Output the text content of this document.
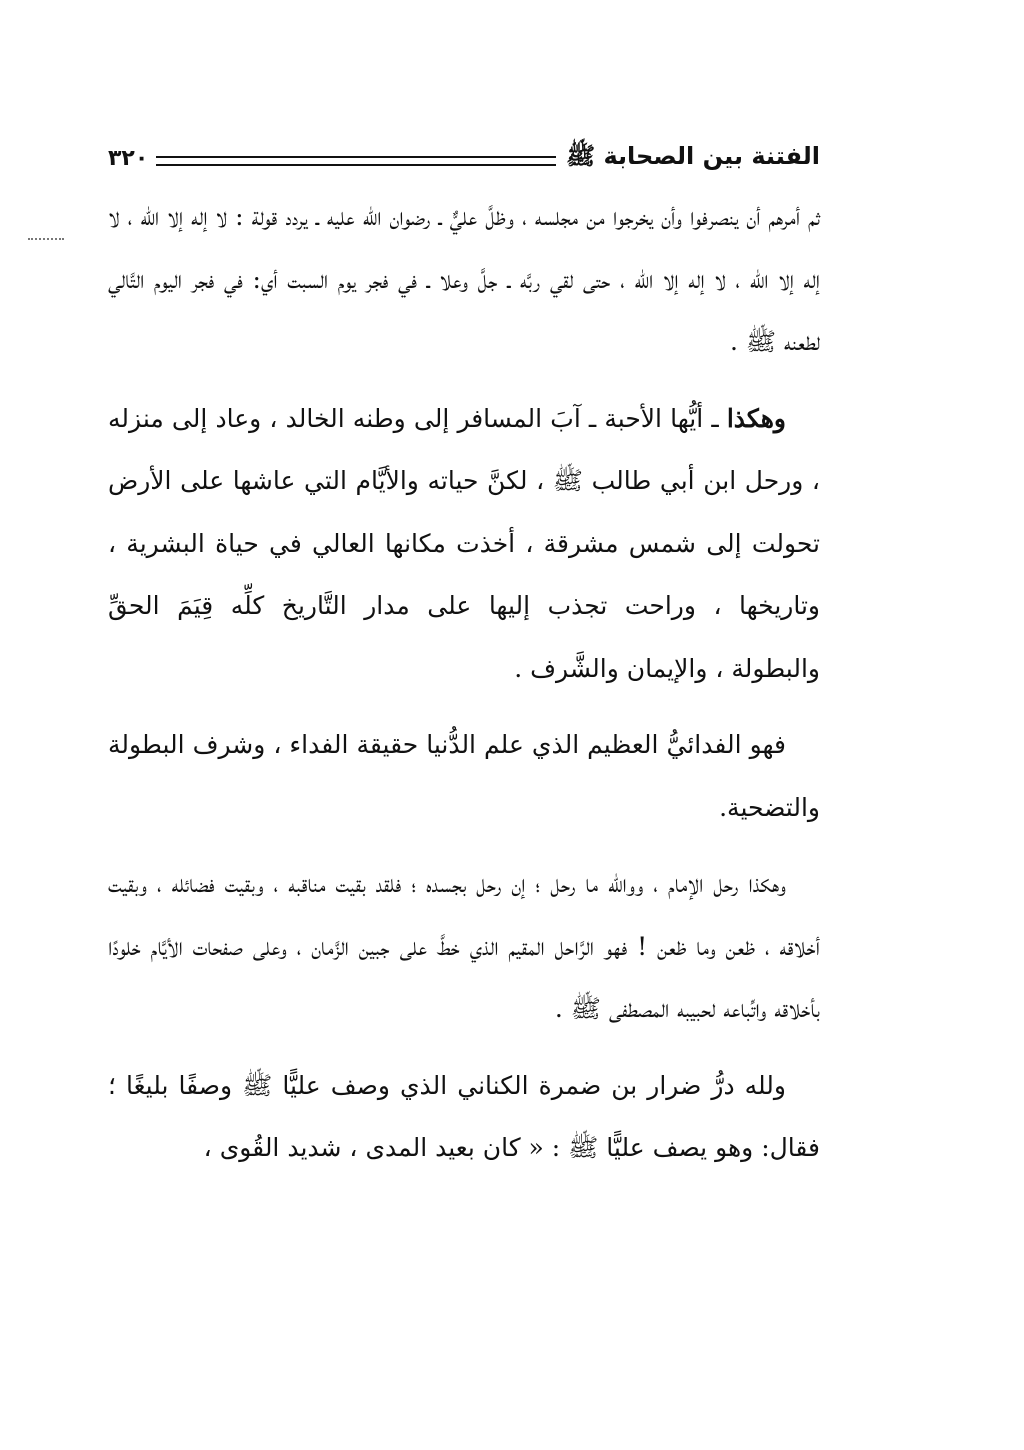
الفتنة بين الصحابة ﷺ
٣٢٠

ثم أمرهم أن ينصرفوا وأن يخرجوا من مجلسه ، وظلَّ عليٌّ ـ رضوان الله عليه ـ يردد قولة : لا إله إلا الله ، لا إله إلا الله ، لا إله إلا الله ، حتى لقي ربَّه ـ جلَّ وعلا ـ في فجر يوم السبت أي: في فجر اليوم التَّالي لطعنه ﷺ .

وهكذا ـ أيُّها الأحبة ـ آبَ المسافر إلى وطنه الخالد ، وعاد إلى منزله ، ورحل ابن أبي طالب ﷺ ، لكنَّ حياته والأيَّام التي عاشها على الأرض تحولت إلى شمس مشرقة ، أخذت مكانها العالي في حياة البشرية ، وتاريخها ، وراحت تجذب إليها على مدار التَّاريخ كلِّه قِيَمَ الحقِّ والبطولة ، والإيمان والشَّرف .

فهو الفدائيُّ العظيم الذي علم الدُّنيا حقيقة الفداء ، وشرف البطولة والتضحية.

وهكذا رحل الإمام ، ووالله ما رحل ؛ إن رحل بجسده ؛ فلقد بقيت مناقبه ، وبقيت فضائله ، وبقيت أخلاقه ، ظعن وما ظعن ! فهو الرَّاحل المقيم الذي خطَّ على جبين الزَّمان ، وعلى صفحات الأيَّام خلودًا بأخلاقه واتِّباعه لحبيبه المصطفى ﷺ .

ولله درُّ ضرار بن ضمرة الكناني الذي وصف عليًّا ﷺ وصفًا بليغًا ؛ فقال: وهو يصف عليًّا ﷺ : « كان بعيد المدى ، شديد القُوى ،
